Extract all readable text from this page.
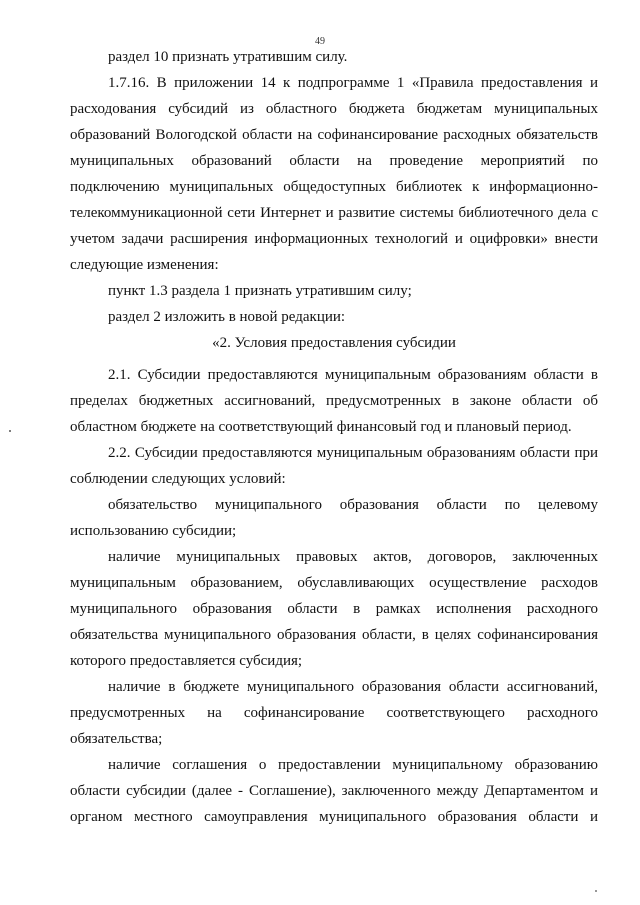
49

раздел 10 признать утратившим силу.

1.7.16. В приложении 14 к подпрограмме 1 «Правила предоставления и расходования субсидий из областного бюджета бюджетам муниципальных образований Вологодской области на софинансирование расходных обязательств муниципальных образований области на проведение мероприятий по подключению муниципальных общедоступных библиотек к информационно-телекоммуникационной сети Интернет и развитие системы библиотечного дела с учетом задачи расширения информационных технологий и оцифровки» внести следующие изменения:

пункт 1.3 раздела 1 признать утратившим силу;

раздел 2 изложить в новой редакции:

«2. Условия предоставления субсидии

2.1. Субсидии предоставляются муниципальным образованиям области в пределах бюджетных ассигнований, предусмотренных в законе области об областном бюджете на соответствующий финансовый год и плановый период.

2.2. Субсидии предоставляются муниципальным образованиям области при соблюдении следующих условий:

обязательство муниципального образования области по целевому использованию субсидии;

наличие муниципальных правовых актов, договоров, заключенных муниципальным образованием, обуславливающих осуществление расходов муниципального образования области в рамках исполнения расходного обязательства муниципального образования области, в целях софинансирования которого предоставляется субсидия;

наличие в бюджете муниципального образования области ассигнований, предусмотренных на софинансирование соответствующего расходного обязательства;

наличие соглашения о предоставлении муниципальному образованию области субсидии (далее - Соглашение), заключенного между Департаментом и органом местного самоуправления муниципального образования области и
